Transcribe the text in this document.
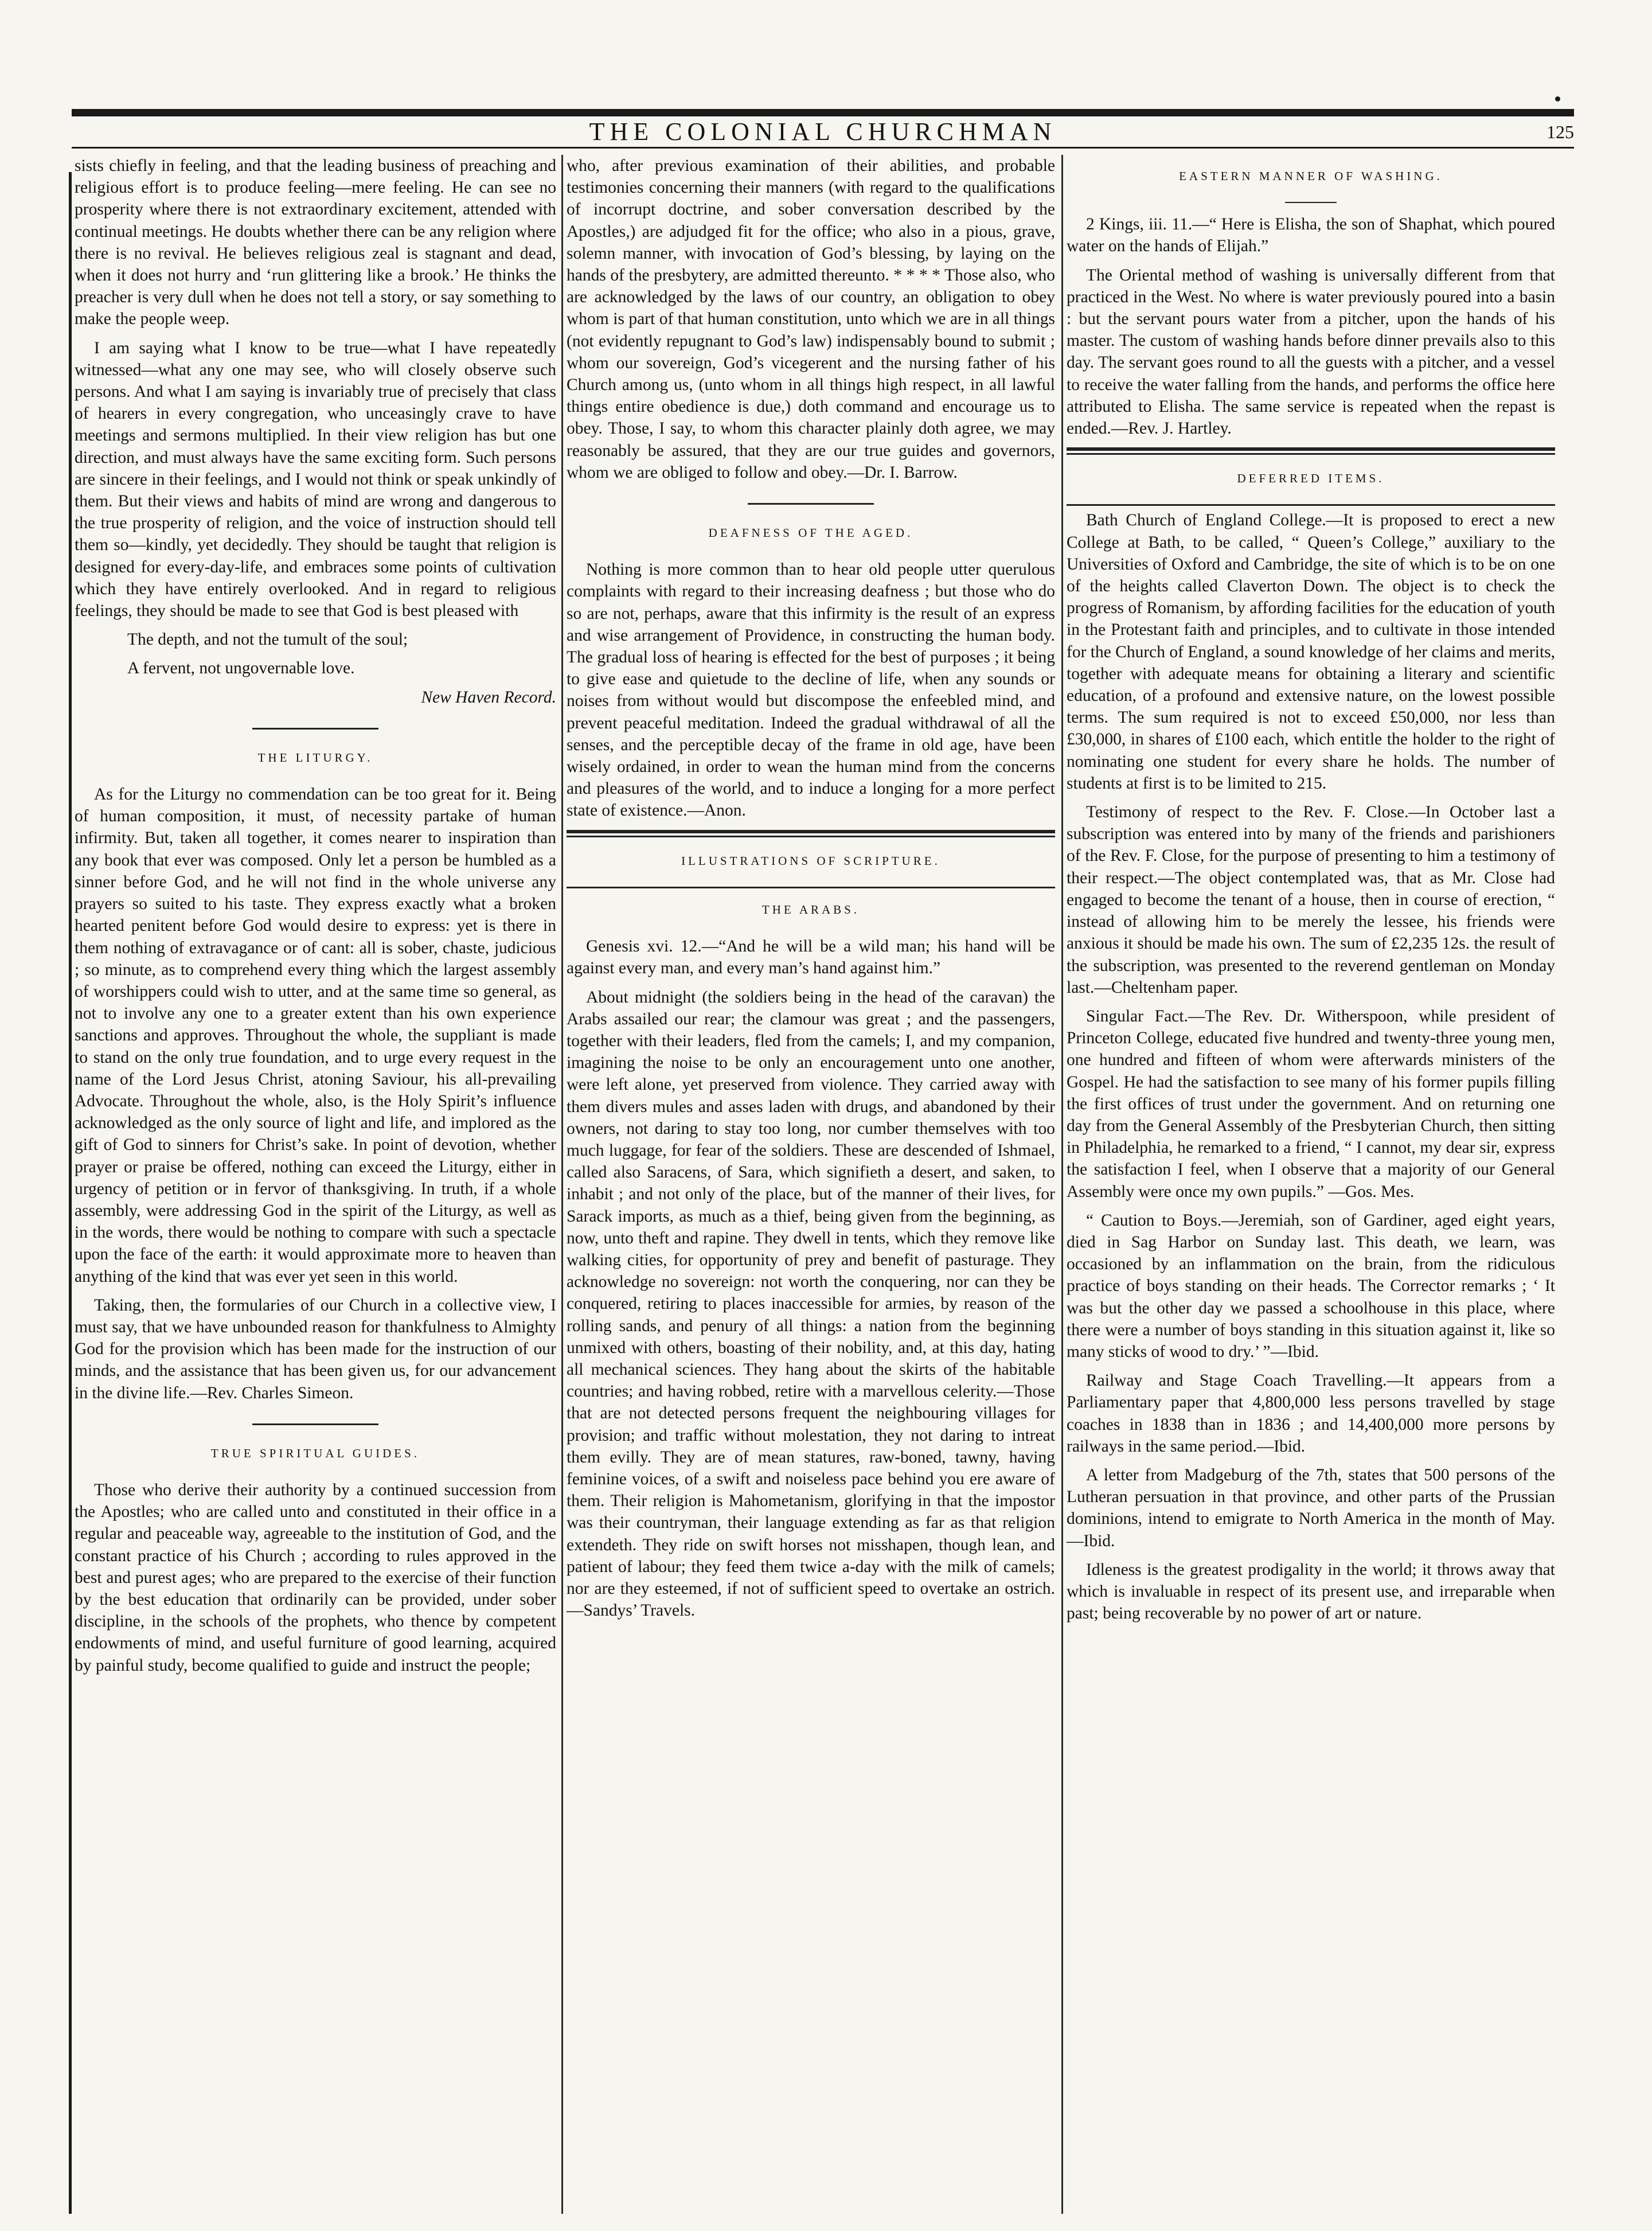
THE COLONIAL CHURCHMAN	125

sists chiefly in feeling, and that the leading business of preaching and religious effort is to produce feeling—mere feeling. He can see no prosperity where there is not extraordinary excitement, attended with continual meetings. He doubts whether there can be any religion where there is no revival. He believes religious zeal is stagnant and dead, when it does not hurry and ‘run glittering like a brook.’ He thinks the preacher is very dull when he does not tell a story, or say something to make the people weep.

I am saying what I know to be true—what I have repeatedly witnessed—what any one may see, who will closely observe such persons. And what I am saying is invariably true of precisely that class of hearers in every congregation, who unceasingly crave to have meetings and sermons multiplied. In their view religion has but one direction, and must always have the same exciting form. Such persons are sincere in their feelings, and I would not think or speak unkindly of them. But their views and habits of mind are wrong and dangerous to the true prosperity of religion, and the voice of instruction should tell them so—kindly, yet decidedly. They should be taught that religion is designed for every-day-life, and embraces some points of cultivation which they have entirely overlooked. And in regard to religious feelings, they should be made to see that God is best pleased with

The depth, and not the tumult of the soul;

A fervent, not ungovernable love.

New Haven Record.

THE LITURGY.

As for the Liturgy no commendation can be too great for it. Being of human composition, it must, of necessity partake of human infirmity. But, taken all together, it comes nearer to inspiration than any book that ever was composed. Only let a person be humbled as a sinner before God, and he will not find in the whole universe any prayers so suited to his taste. They express exactly what a broken hearted penitent before God would desire to express: yet is there in them nothing of extravagance or of cant: all is sober, chaste, judicious ; so minute, as to comprehend every thing which the largest assembly of worshippers could wish to utter, and at the same time so general, as not to involve any one to a greater extent than his own experience sanctions and approves. Throughout the whole, the suppliant is made to stand on the only true foundation, and to urge every request in the name of the Lord Jesus Christ, atoning Saviour, his all-prevailing Advocate. Throughout the whole, also, is the Holy Spirit’s influence acknowledged as the only source of light and life, and implored as the gift of God to sinners for Christ’s sake. In point of devotion, whether prayer or praise be offered, nothing can exceed the Liturgy, either in urgency of petition or in fervor of thanksgiving. In truth, if a whole assembly, were addressing God in the spirit of the Liturgy, as well as in the words, there would be nothing to compare with such a spectacle upon the face of the earth: it would approximate more to heaven than anything of the kind that was ever yet seen in this world.

Taking, then, the formularies of our Church in a collective view, I must say, that we have unbounded reason for thankfulness to Almighty God for the provision which has been made for the instruction of our minds, and the assistance that has been given us, for our advancement in the divine life.—Rev. Charles Simeon.

TRUE SPIRITUAL GUIDES.

Those who derive their authority by a continued succession from the Apostles; who are called unto and constituted in their office in a regular and peaceable way, agreeable to the institution of God, and the constant practice of his Church ; according to rules approved in the best and purest ages; who are prepared to the exercise of their function by the best education that ordinarily can be provided, under sober discipline, in the schools of the prophets, who thence by competent endowments of mind, and useful furniture of good learning, acquired by painful study, become qualified to guide and instruct the people;

who, after previous examination of their abilities, and probable testimonies concerning their manners (with regard to the qualifications of incorrupt doctrine, and sober conversation described by the Apostles,) are adjudged fit for the office; who also in a pious, grave, solemn manner, with invocation of God’s blessing, by laying on the hands of the presbytery, are admitted thereunto. * * * * Those also, who are acknowledged by the laws of our country, an obligation to obey whom is part of that human constitution, unto which we are in all things (not evidently repugnant to God’s law) indispensably bound to submit ; whom our sovereign, God’s vicegerent and the nursing father of his Church among us, (unto whom in all things high respect, in all lawful things entire obedience is due,) doth command and encourage us to obey. Those, I say, to whom this character plainly doth agree, we may reasonably be assured, that they are our true guides and governors, whom we are obliged to follow and obey.—Dr. I. Barrow.

DEAFNESS OF THE AGED.

Nothing is more common than to hear old people utter querulous complaints with regard to their increasing deafness ; but those who do so are not, perhaps, aware that this infirmity is the result of an express and wise arrangement of Providence, in constructing the human body. The gradual loss of hearing is effected for the best of purposes ; it being to give ease and quietude to the decline of life, when any sounds or noises from without would but discompose the enfeebled mind, and prevent peaceful meditation. Indeed the gradual withdrawal of all the senses, and the perceptible decay of the frame in old age, have been wisely ordained, in order to wean the human mind from the concerns and pleasures of the world, and to induce a longing for a more perfect state of existence.—Anon.

ILLUSTRATIONS OF SCRIPTURE.
THE ARABS.

Genesis xvi. 12.—“And he will be a wild man; his hand will be against every man, and every man’s hand against him.”

About midnight (the soldiers being in the head of the caravan) the Arabs assailed our rear; the clamour was great ; and the passengers, together with their leaders, fled from the camels; I, and my companion, imagining the noise to be only an encouragement unto one another, were left alone, yet preserved from violence. They carried away with them divers mules and asses laden with drugs, and abandoned by their owners, not daring to stay too long, nor cumber themselves with too much luggage, for fear of the soldiers. These are descended of Ishmael, called also Saracens, of Sara, which signifieth a desert, and saken, to inhabit ; and not only of the place, but of the manner of their lives, for Sarack imports, as much as a thief, being given from the beginning, as now, unto theft and rapine. They dwell in tents, which they remove like walking cities, for opportunity of prey and benefit of pasturage. They acknowledge no sovereign: not worth the conquering, nor can they be conquered, retiring to places inaccessible for armies, by reason of the rolling sands, and penury of all things: a nation from the beginning unmixed with others, boasting of their nobility, and, at this day, hating all mechanical sciences. They hang about the skirts of the habitable countries; and having robbed, retire with a marvellous celerity.—Those that are not detected persons frequent the neighbouring villages for provision; and traffic without molestation, they not daring to intreat them evilly. They are of mean statures, raw-boned, tawny, having feminine voices, of a swift and noiseless pace behind you ere aware of them. Their religion is Mahometanism, glorifying in that the impostor was their countryman, their language extending as far as that religion extendeth. They ride on swift horses not misshapen, though lean, and patient of labour; they feed them twice a-day with the milk of camels; nor are they esteemed, if not of sufficient speed to overtake an ostrich.—Sandys’ Travels.

EASTERN MANNER OF WASHING.

2 Kings, iii. 11.—“ Here is Elisha, the son of Shaphat, which poured water on the hands of Elijah.”

The Oriental method of washing is universally different from that practiced in the West. No where is water previously poured into a basin : but the servant pours water from a pitcher, upon the hands of his master. The custom of washing hands before dinner prevails also to this day. The servant goes round to all the guests with a pitcher, and a vessel to receive the water falling from the hands, and performs the office here attributed to Elisha. The same service is repeated when the repast is ended.—Rev. J. Hartley.

DEFERRED ITEMS.

Bath Church of England College.—It is proposed to erect a new College at Bath, to be called, “ Queen’s College,” auxiliary to the Universities of Oxford and Cambridge, the site of which is to be on one of the heights called Claverton Down. The object is to check the progress of Romanism, by affording facilities for the education of youth in the Protestant faith and principles, and to cultivate in those intended for the Church of England, a sound knowledge of her claims and merits, together with adequate means for obtaining a literary and scientific education, of a profound and extensive nature, on the lowest possible terms. The sum required is not to exceed £50,000, nor less than £30,000, in shares of £100 each, which entitle the holder to the right of nominating one student for every share he holds. The number of students at first is to be limited to 215.

Testimony of respect to the Rev. F. Close.—In October last a subscription was entered into by many of the friends and parishioners of the Rev. F. Close, for the purpose of presenting to him a testimony of their respect.—The object contemplated was, that as Mr. Close had engaged to become the tenant of a house, then in course of erection, “ instead of allowing him to be merely the lessee, his friends were anxious it should be made his own. The sum of £2,235 12s. the result of the subscription, was presented to the reverend gentleman on Monday last.—Cheltenham paper.

Singular Fact.—The Rev. Dr. Witherspoon, while president of Princeton College, educated five hundred and twenty-three young men, one hundred and fifteen of whom were afterwards ministers of the Gospel. He had the satisfaction to see many of his former pupils filling the first offices of trust under the government. And on returning one day from the General Assembly of the Presbyterian Church, then sitting in Philadelphia, he remarked to a friend, “ I cannot, my dear sir, express the satisfaction I feel, when I observe that a majority of our General Assembly were once my own pupils.” —Gos. Mes.

“ Caution to Boys.—Jeremiah, son of Gardiner, aged eight years, died in Sag Harbor on Sunday last. This death, we learn, was occasioned by an inflammation on the brain, from the ridiculous practice of boys standing on their heads. The Corrector remarks ; ‘ It was but the other day we passed a schoolhouse in this place, where there were a number of boys standing in this situation against it, like so many sticks of wood to dry.’ ”—Ibid.

Railway and Stage Coach Travelling.—It appears from a Parliamentary paper that 4,800,000 less persons travelled by stage coaches in 1838 than in 1836 ; and 14,400,000 more persons by railways in the same period.—Ibid.

A letter from Madgeburg of the 7th, states that 500 persons of the Lutheran persuation in that province, and other parts of the Prussian dominions, intend to emigrate to North America in the month of May.—Ibid.

Idleness is the greatest prodigality in the world; it throws away that which is invaluable in respect of its present use, and irreparable when past; being recoverable by no power of art or nature.
